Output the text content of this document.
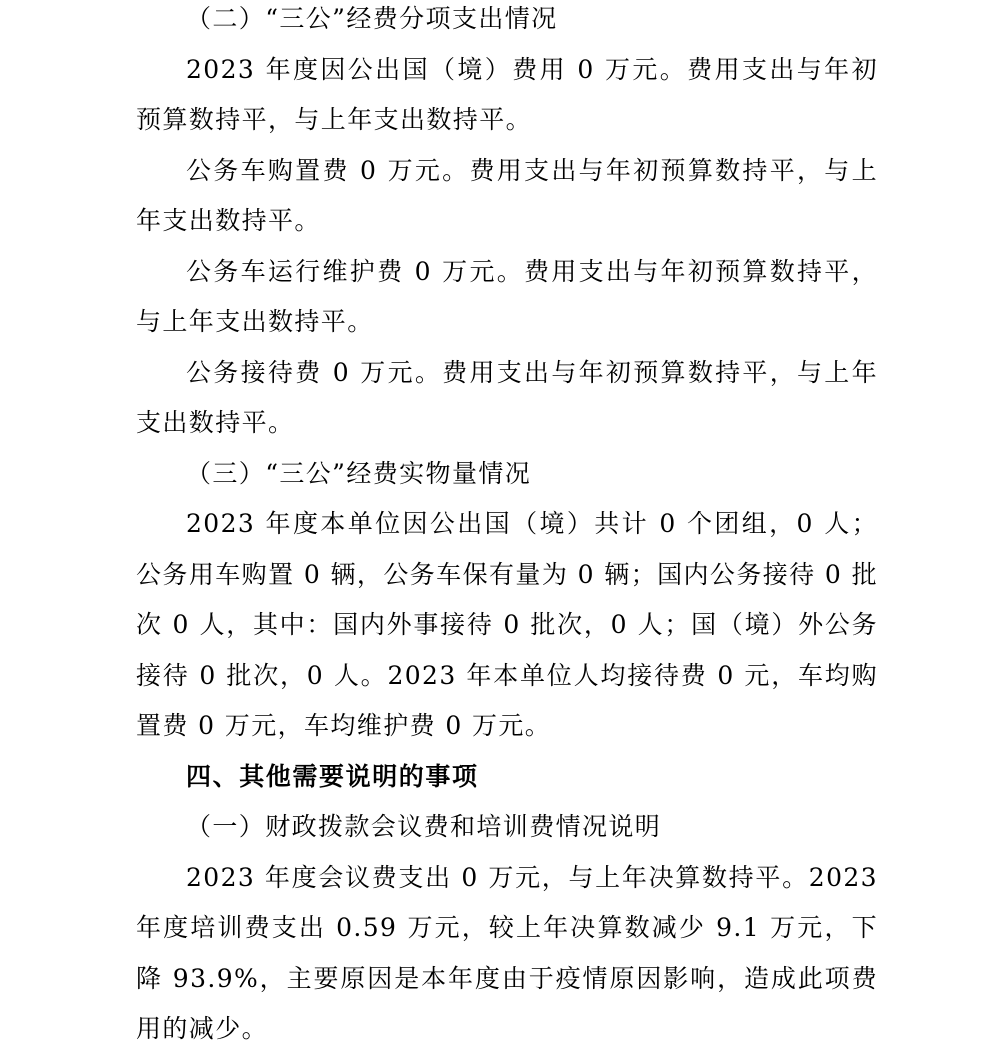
（二）“三公”经费分项支出情况

2023 年度因公出国（境）费用 0 万元。费用支出与年初预算数持平，与上年支出数持平。

公务车购置费 0 万元。费用支出与年初预算数持平，与上年支出数持平。

公务车运行维护费 0 万元。费用支出与年初预算数持平，与上年支出数持平。

公务接待费 0 万元。费用支出与年初预算数持平，与上年支出数持平。

（三）“三公”经费实物量情况

2023 年度本单位因公出国（境）共计 0 个团组，0 人；公务用车购置 0 辆，公务车保有量为 0 辆；国内公务接待 0 批次 0 人，其中：国内外事接待 0 批次，0 人；国（境）外公务接待 0 批次，0 人。2023 年本单位人均接待费 0 元，车均购置费 0 万元，车均维护费 0 万元。

四、其他需要说明的事项

（一）财政拨款会议费和培训费情况说明

2023 年度会议费支出 0 万元，与上年决算数持平。2023 年度培训费支出 0.59 万元，较上年决算数减少 9.1 万元，下降 93.9%，主要原因是本年度由于疫情原因影响，造成此项费用的减少。
